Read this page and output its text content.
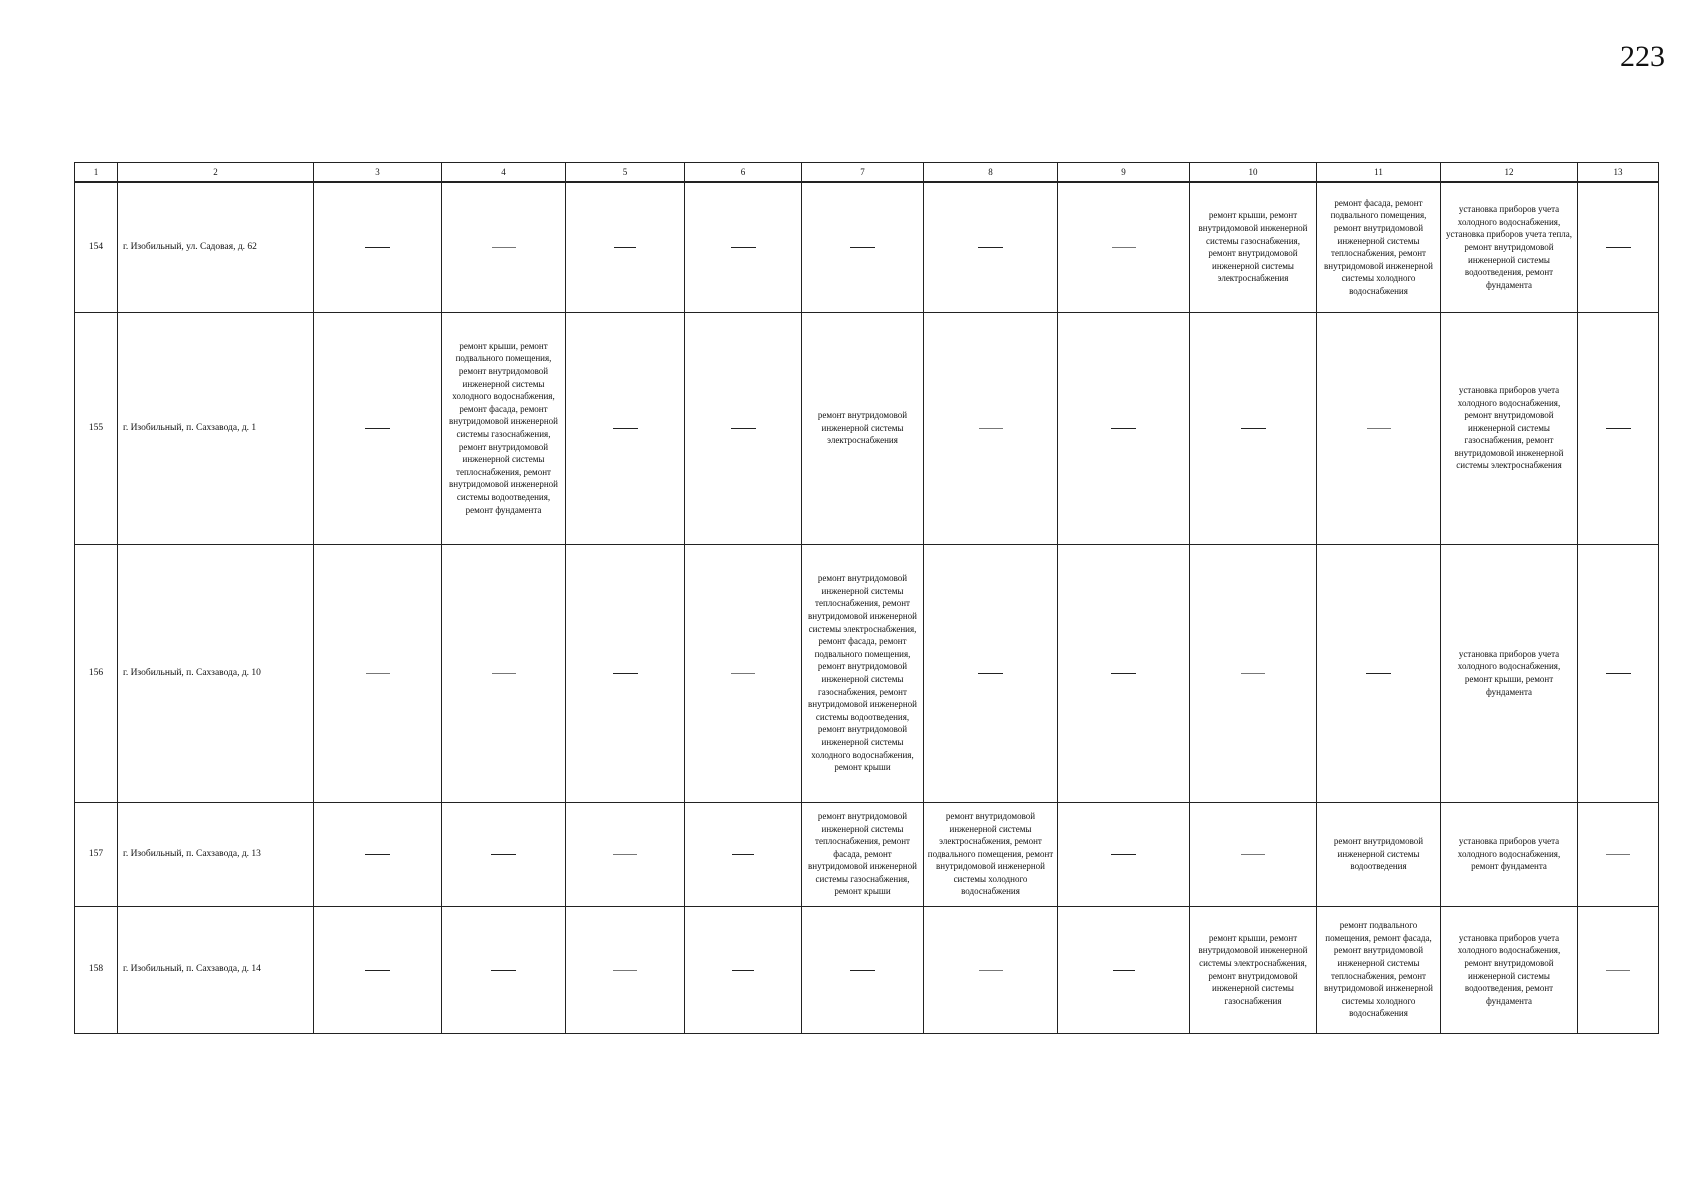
223
1	2	3	4	5	6	7	8	9	10	11	12	13
154	г. Изобильный, ул. Садовая, д. 62								ремонт крыши, ремонт внутридомовой инженерной системы газоснабжения, ремонт внутридомовой инженерной системы электроснабжения	ремонт фасада, ремонт подвального помещения, ремонт внутридомовой инженерной системы теплоснабжения, ремонт внутридомовой инженерной системы холодного водоснабжения	установка приборов учета холодного водоснабжения, установка приборов учета тепла, ремонт внутридомовой инженерной системы водоотведения, ремонт фундамента	
155	г. Изобильный, п. Сахзавода, д. 1		ремонт крыши, ремонт подвального помещения, ремонт внутридомовой инженерной системы холодного водоснабжения, ремонт фасада, ремонт внутридомовой инженерной системы газоснабжения, ремонт внутридомовой инженерной системы теплоснабжения, ремонт внутридомовой инженерной системы водоотведения, ремонт фундамента			ремонт внутридомовой инженерной системы электроснабжения					установка приборов учета холодного водоснабжения, ремонт внутридомовой инженерной системы газоснабжения, ремонт внутридомовой инженерной системы электроснабжения	
156	г. Изобильный, п. Сахзавода, д. 10					ремонт внутридомовой инженерной системы теплоснабжения, ремонт внутридомовой инженерной системы электроснабжения, ремонт фасада, ремонт подвального помещения, ремонт внутридомовой инженерной системы газоснабжения, ремонт внутридомовой инженерной системы водоотведения, ремонт внутридомовой инженерной системы холодного водоснабжения, ремонт крыши					установка приборов учета холодного водоснабжения, ремонт крыши, ремонт фундамента	
157	г. Изобильный, п. Сахзавода, д. 13					ремонт внутридомовой инженерной системы теплоснабжения, ремонт фасада, ремонт внутридомовой инженерной системы газоснабжения, ремонт крыши	ремонт внутридомовой инженерной системы электроснабжения, ремонт подвального помещения, ремонт внутридомовой инженерной системы холодного водоснабжения			ремонт внутридомовой инженерной системы водоотведения	установка приборов учета холодного водоснабжения, ремонт фундамента	
158	г. Изобильный, п. Сахзавода, д. 14								ремонт крыши, ремонт внутридомовой инженерной системы электроснабжения, ремонт внутридомовой инженерной системы газоснабжения	ремонт подвального помещения, ремонт фасада, ремонт внутридомовой инженерной системы теплоснабжения, ремонт внутридомовой инженерной системы холодного водоснабжения	установка приборов учета холодного водоснабжения, ремонт внутридомовой инженерной системы водоотведения, ремонт фундамента	
